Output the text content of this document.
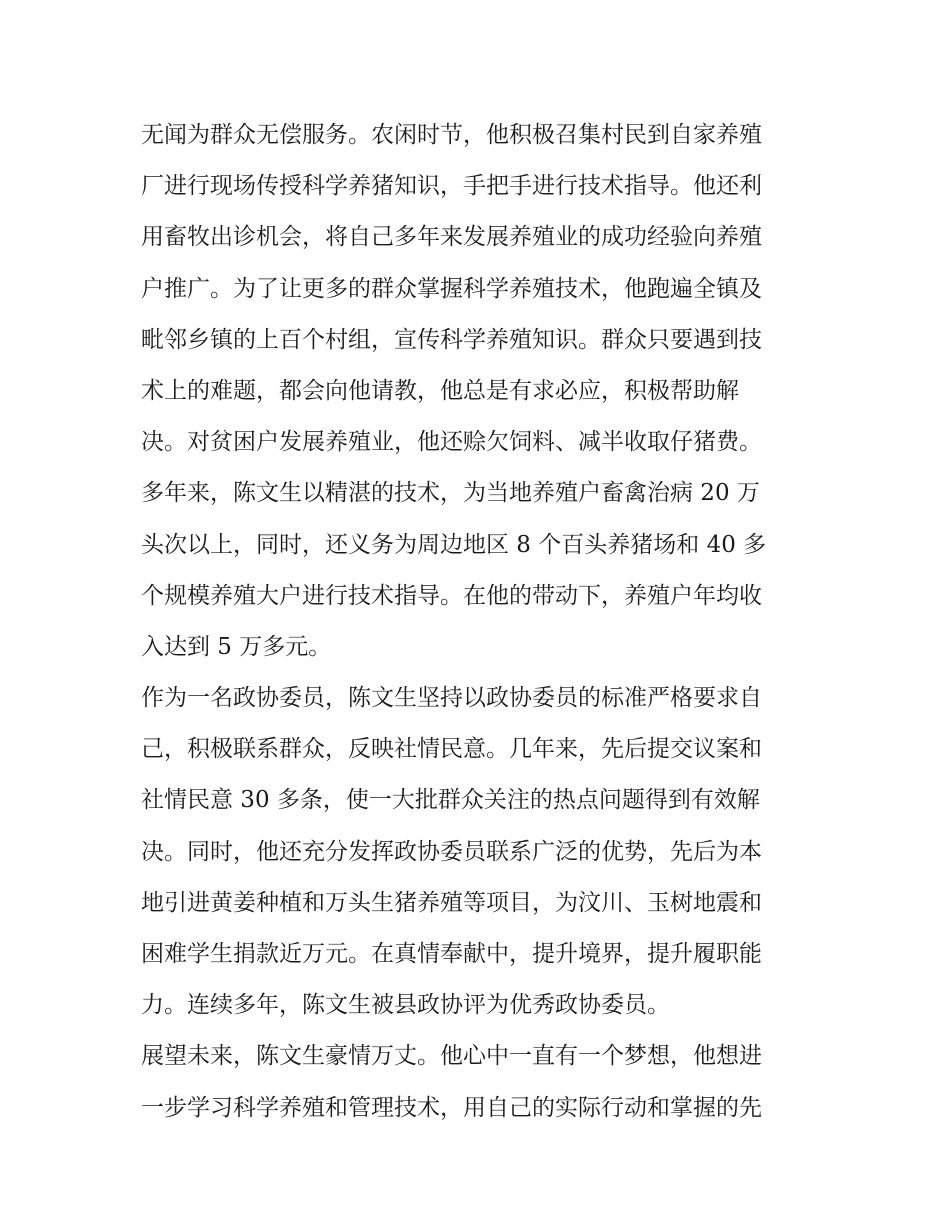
无闻为群众无偿服务。农闲时节，他积极召集村民到自家养殖
厂进行现场传授科学养猪知识，手把手进行技术指导。他还利
用畜牧出诊机会，将自己多年来发展养殖业的成功经验向养殖
户推广。为了让更多的群众掌握科学养殖技术，他跑遍全镇及
毗邻乡镇的上百个村组，宣传科学养殖知识。群众只要遇到技
术上的难题，都会向他请教，他总是有求必应，积极帮助解
决。对贫困户发展养殖业，他还赊欠饲料、减半收取仔猪费。
多年来，陈文生以精湛的技术，为当地养殖户畜禽治病 20 万
头次以上，同时，还义务为周边地区 8 个百头养猪场和 40 多
个规模养殖大户进行技术指导。在他的带动下，养殖户年均收
入达到 5 万多元。
作为一名政协委员，陈文生坚持以政协委员的标准严格要求自
己，积极联系群众，反映社情民意。几年来，先后提交议案和
社情民意 30 多条，使一大批群众关注的热点问题得到有效解
决。同时，他还充分发挥政协委员联系广泛的优势，先后为本
地引进黄姜种植和万头生猪养殖等项目，为汶川、玉树地震和
困难学生捐款近万元。在真情奉献中，提升境界，提升履职能
力。连续多年，陈文生被县政协评为优秀政协委员。
展望未来，陈文生豪情万丈。他心中一直有一个梦想，他想进
一步学习科学养殖和管理技术，用自己的实际行动和掌握的先
